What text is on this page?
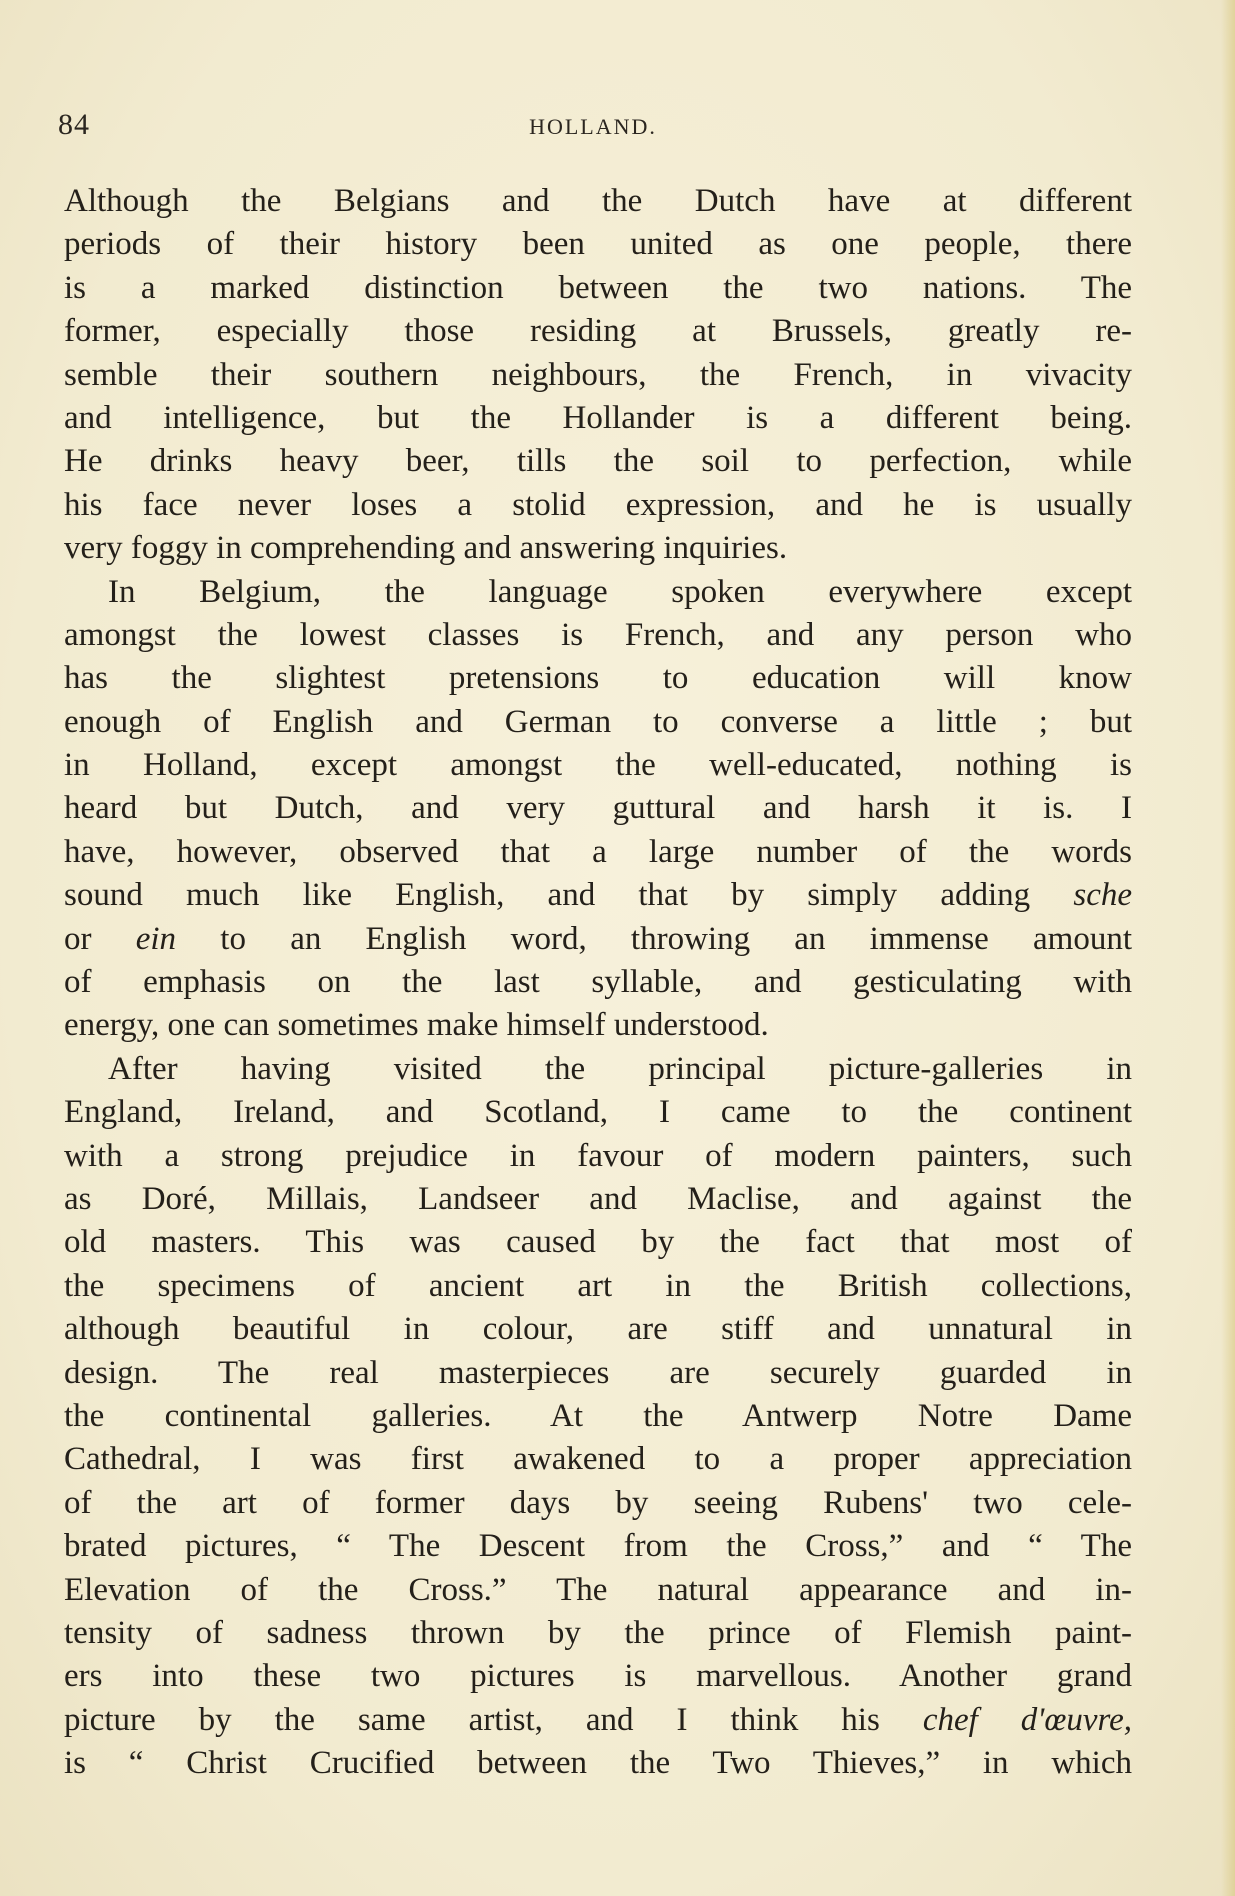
84	HOLLAND.
Although the Belgians and the Dutch have at different
periods of their history been united as one people, there
is a marked distinction between the two nations. The
former, especially those residing at Brussels, greatly re-
semble their southern neighbours, the French, in vivacity
and intelligence, but the Hollander is a different being.
He drinks heavy beer, tills the soil to perfection, while
his face never loses a stolid expression, and he is usually
very foggy in comprehending and answering inquiries.
In Belgium, the language spoken everywhere except
amongst the lowest classes is French, and any person who
has the slightest pretensions to education will know
enough of English and German to converse a little ; but
in Holland, except amongst the well-educated, nothing is
heard but Dutch, and very guttural and harsh it is. I
have, however, observed that a large number of the words
sound much like English, and that by simply adding sche
or ein to an English word, throwing an immense amount
of emphasis on the last syllable, and gesticulating with
energy, one can sometimes make himself understood.
After having visited the principal picture-galleries in
England, Ireland, and Scotland, I came to the continent
with a strong prejudice in favour of modern painters, such
as Doré, Millais, Landseer and Maclise, and against the
old masters. This was caused by the fact that most of
the specimens of ancient art in the British collections,
although beautiful in colour, are stiff and unnatural in
design. The real masterpieces are securely guarded in
the continental galleries. At the Antwerp Notre Dame
Cathedral, I was first awakened to a proper appreciation
of the art of former days by seeing Rubens' two cele-
brated pictures, “ The Descent from the Cross,” and “ The
Elevation of the Cross.” The natural appearance and in-
tensity of sadness thrown by the prince of Flemish paint-
ers into these two pictures is marvellous. Another grand
picture by the same artist, and I think his chef d'œuvre,
is “ Christ Crucified between the Two Thieves,” in which
